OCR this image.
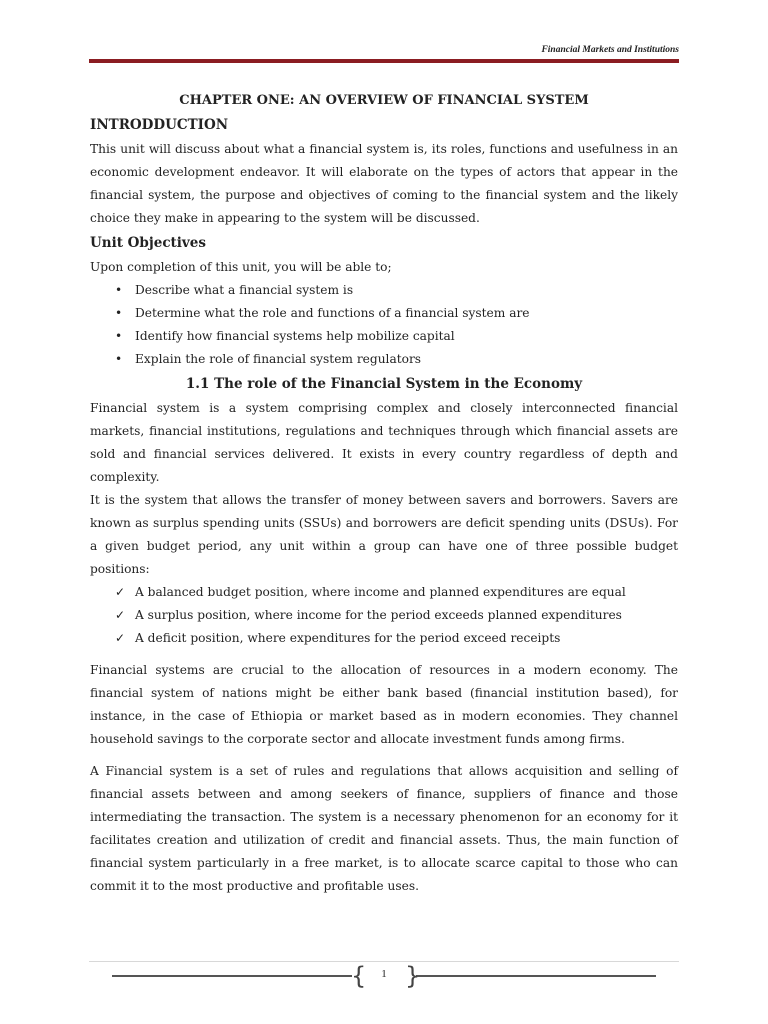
Financial Markets and Institutions
CHAPTER ONE: AN OVERVIEW OF FINANCIAL SYSTEM
INTRODDUCTION

This unit will discuss about what a financial system is, its roles, functions and usefulness in an economic development endeavor. It will elaborate on the types of actors that appear in the financial system, the purpose and objectives of coming to the financial system and the likely choice they make in appearing to the system will be discussed.

Unit Objectives

Upon completion of this unit, you will be able to;

• Describe what a financial system is
• Determine what the role and functions of a financial system are
• Identify how financial systems help mobilize capital
• Explain the role of financial system regulators
1.1 The role of the Financial System in the Economy

Financial system is a system comprising complex and closely interconnected financial markets, financial institutions, regulations and techniques through which financial assets are sold and financial services delivered. It exists in every country regardless of depth and complexity.

It is the system that allows the transfer of money between savers and borrowers. Savers are known as surplus spending units (SSUs) and borrowers are deficit spending units (DSUs). For a given budget period, any unit within a group can have one of three possible budget positions:

✓ A balanced budget position, where income and planned expenditures are equal
✓ A surplus position, where income for the period exceeds planned expenditures
✓ A deficit position, where expenditures for the period exceed receipts

Financial systems are crucial to the allocation of resources in a modern economy. The financial system of nations might be either bank based (financial institution based), for instance, in the case of Ethiopia or market based as in modern economies. They channel household savings to the corporate sector and allocate investment funds among firms.

A Financial system is a set of rules and regulations that allows acquisition and selling of financial assets between and among seekers of finance, suppliers of finance and those intermediating the transaction. The system is a necessary phenomenon for an economy for it facilitates creation and utilization of credit and financial assets. Thus, the main function of financial system particularly in a free market, is to allocate scarce capital to those who can commit it to the most productive and profitable uses.

{ }
1
